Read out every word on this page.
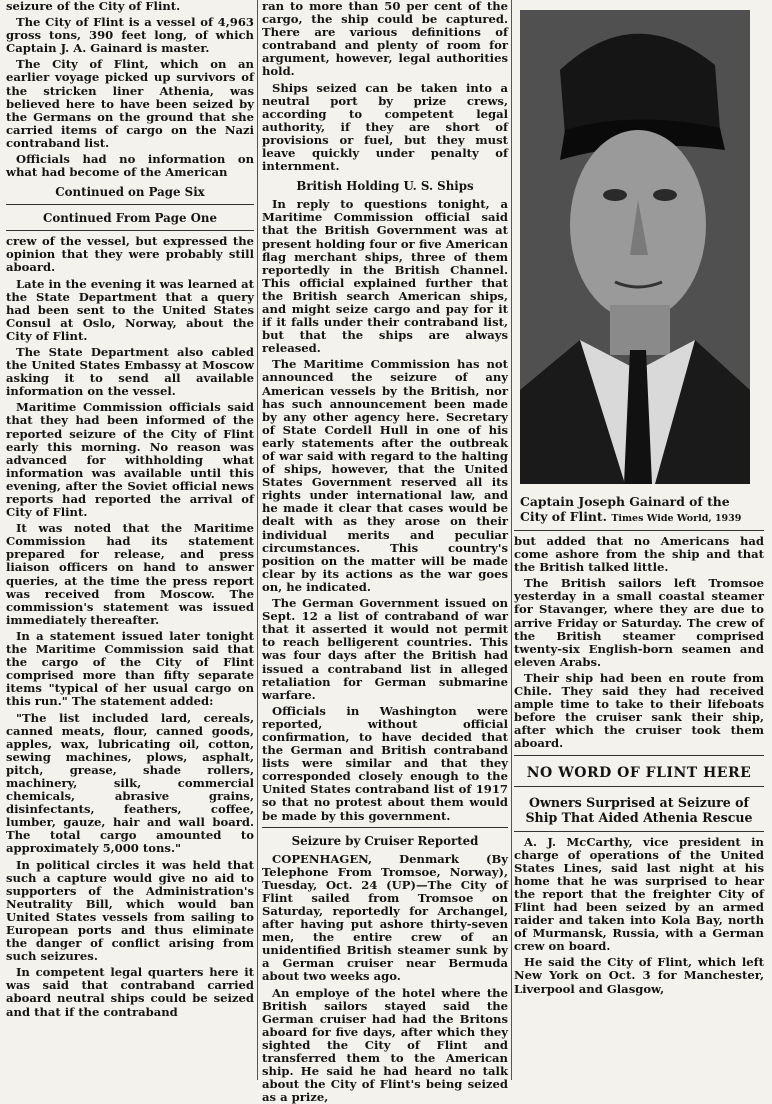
seizure of the City of Flint.

The City of Flint is a vessel of 4,963 gross tons, 390 feet long, of which Captain J. A. Gainard is master.

The City of Flint, which on an earlier voyage picked up survivors of the stricken liner Athenia, was believed here to have been seized by the Germans on the ground that she carried items of cargo on the Nazi contraband list.

Officials had no information on what had become of the American

Continued on Page Six
Continued From Page One

crew of the vessel, but expressed the opinion that they were probably still aboard.

Late in the evening it was learned at the State Department that a query had been sent to the United States Consul at Oslo, Norway, about the City of Flint.

The State Department also cabled the United States Embassy at Moscow asking it to send all available information on the vessel.

Maritime Commission officials said that they had been informed of the reported seizure of the City of Flint early this morning. No reason was advanced for withholding what information was available until this evening, after the Soviet official news reports had reported the arrival of City of Flint.

It was noted that the Maritime Commission had its statement prepared for release, and press liaison officers on hand to answer queries, at the time the press report was received from Moscow. The commission's statement was issued immediately thereafter.

In a statement issued later tonight the Maritime Commission said that the cargo of the City of Flint comprised more than fifty separate items "typical of her usual cargo on this run." The statement added:

"The list included lard, cereals, canned meats, flour, canned goods, apples, wax, lubricating oil, cotton, sewing machines, plows, asphalt, pitch, grease, shade rollers, machinery, silk, commercial chemicals, abrasive grains, disinfectants, feathers, coffee, lumber, gauze, hair and wall board. The total cargo amounted to approximately 5,000 tons."

In political circles it was held that such a capture would give no aid to supporters of the Administration's Neutrality Bill, which would ban United States vessels from sailing to European ports and thus eliminate the danger of conflict arising from such seizures.

In competent legal quarters here it was said that contraband carried aboard neutral ships could be seized and that if the contraband

ran to more than 50 per cent of the cargo, the ship could be captured. There are various definitions of contraband and plenty of room for argument, however, legal authorities hold.

Ships seized can be taken into a neutral port by prize crews, according to competent legal authority, if they are short of provisions or fuel, but they must leave quickly under penalty of internment.

British Holding U. S. Ships

In reply to questions tonight, a Maritime Commission official said that the British Government was at present holding four or five American flag merchant ships, three of them reportedly in the British Channel. This official explained further that the British search American ships, and might seize cargo and pay for it if it falls under their contraband list, but that the ships are always released.

The Maritime Commission has not announced the seizure of any American vessels by the British, nor has such announcement been made by any other agency here. Secretary of State Cordell Hull in one of his early statements after the outbreak of war said with regard to the halting of ships, however, that the United States Government reserved all its rights under international law, and he made it clear that cases would be dealt with as they arose on their individual merits and peculiar circumstances. This country's position on the matter will be made clear by its actions as the war goes on, he indicated.

The German Government issued on Sept. 12 a list of contraband of war that it asserted it would not permit to reach belligerent countries. This was four days after the British had issued a contraband list in alleged retaliation for German submarine warfare.

Officials in Washington were reported, without official confirmation, to have decided that the German and British contraband lists were similar and that they corresponded closely enough to the United States contraband list of 1917 so that no protest about them would be made by this government.

Seizure by Cruiser Reported

COPENHAGEN, Denmark (By Telephone From Tromsoe, Norway), Tuesday, Oct. 24 (UP)—The City of Flint sailed from Tromsoe on Saturday, reportedly for Archangel, after having put ashore thirty-seven men, the entire crew of an unidentified British steamer sunk by a German cruiser near Bermuda about two weeks ago.

An employe of the hotel where the British sailors stayed said the German cruiser had had the Britons aboard for five days, after which they sighted the City of Flint and transferred them to the American ship. He said he had heard no talk about the City of Flint's being seized as a prize,

Captain Joseph Gainard of the City of Flint. Times Wide World, 1939

but added that no Americans had come ashore from the ship and that the British talked little.

The British sailors left Tromsoe yesterday in a small coastal steamer for Stavanger, where they are due to arrive Friday or Saturday. The crew of the British steamer comprised twenty-six English-born seamen and eleven Arabs.

Their ship had been en route from Chile. They said they had received ample time to take to their lifeboats before the cruiser sank their ship, after which the cruiser took them aboard.

NO WORD OF FLINT HERE
Owners Surprised at Seizure of Ship That Aided Athenia Rescue

A. J. McCarthy, vice president in charge of operations of the United States Lines, said last night at his home that he was surprised to hear the report that the freighter City of Flint had been seized by an armed raider and taken into Kola Bay, north of Murmansk, Russia, with a German crew on board.

He said the City of Flint, which left New York on Oct. 3 for Manchester, Liverpool and Glasgow,
